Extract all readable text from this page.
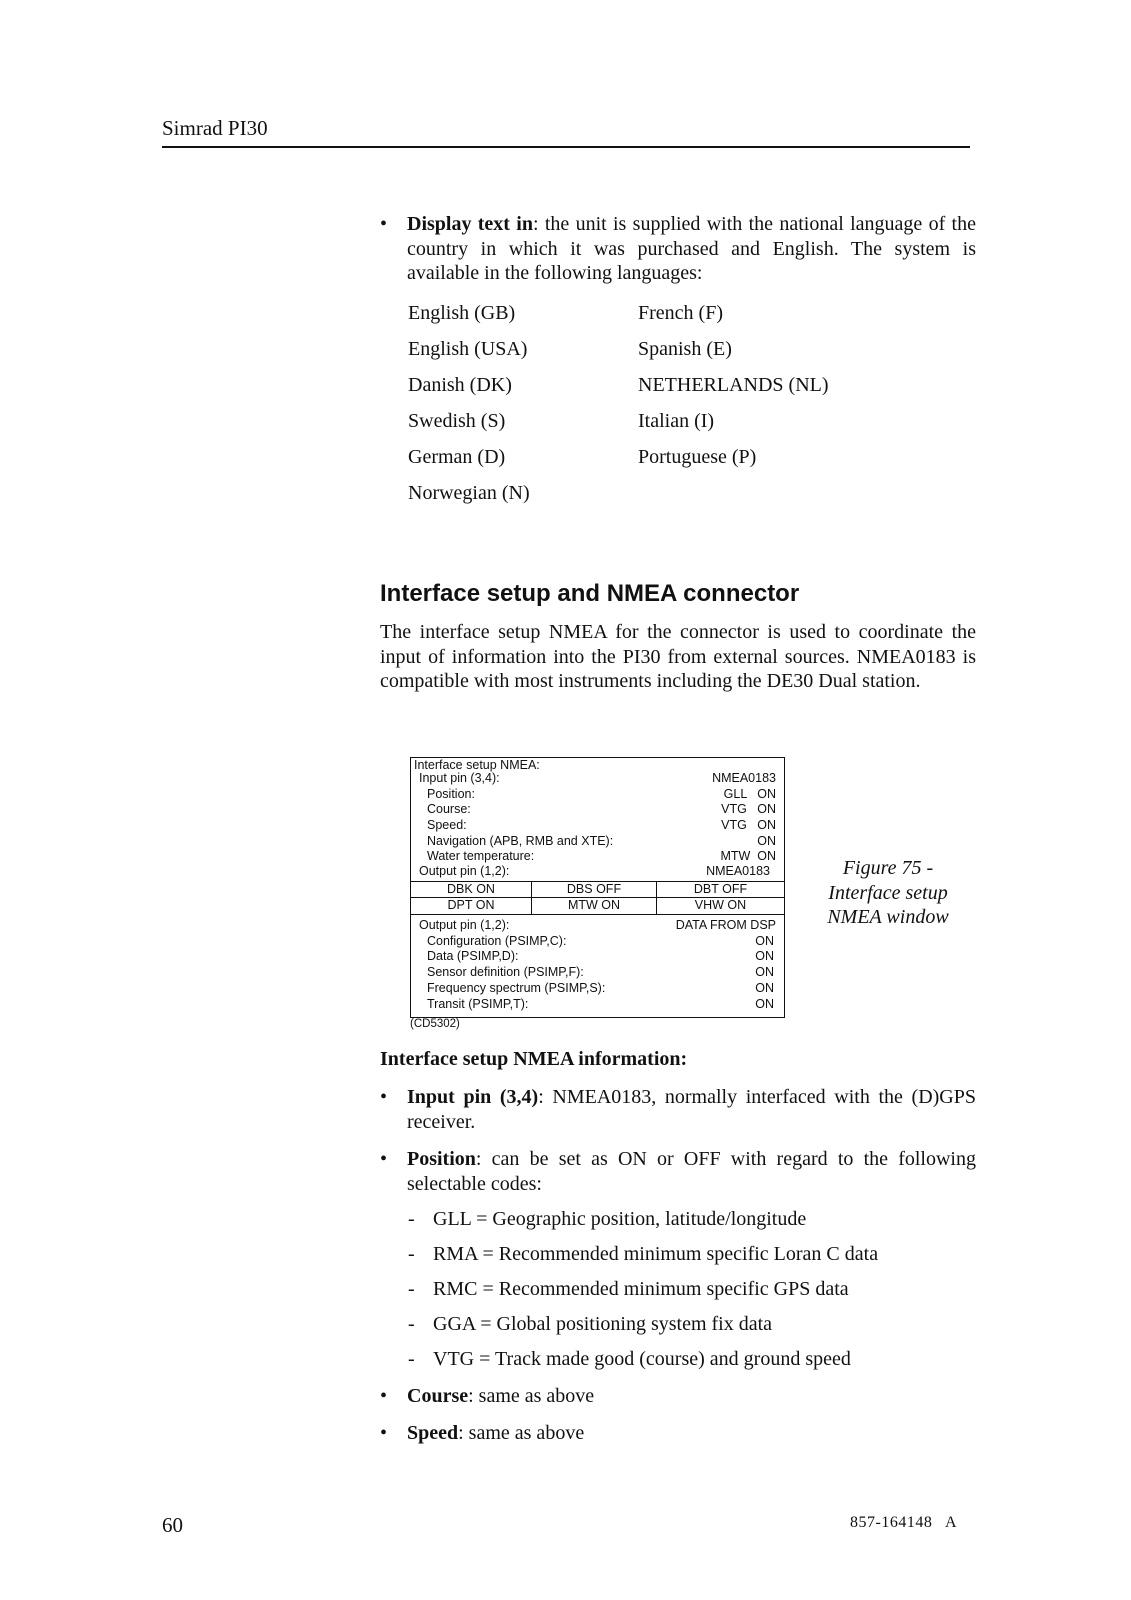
Simrad PI30

• Display text in: the unit is supplied with the national language of the country in which it was purchased and English. The system is available in the following languages:

English (GB)	French (F)
English (USA)	Spanish (E)
Danish (DK)	NETHERLANDS (NL)
Swedish (S)	Italian (I)
German (D)	Portuguese (P)
Norwegian (N)
Interface setup and NMEA connector

The interface setup NMEA for the connector is used to coordinate the input of information into the PI30 from external sources. NMEA0183 is compatible with most instruments including the DE30 Dual station.

Interface setup NMEA:
Input pin (3,4):	NMEA0183
Position:	GLL   ON
Course:	VTG   ON
Speed:	VTG   ON
Navigation (APB, RMB and XTE):	ON
Water temperature:	MTW  ON
Output pin (1,2):	NMEA0183
DBK ON	DBS OFF	DBT OFF
DPT ON	MTW ON	VHW ON
Output pin (1,2):	DATA FROM DSP
Configuration (PSIMP,C):	ON
Data (PSIMP,D):	ON
Sensor definition (PSIMP,F):	ON
Frequency spectrum (PSIMP,S):	ON
Transit (PSIMP,T):	ON
(CD5302)
Figure 75 -
Interface setup
NMEA window
Interface setup NMEA information:

• Input pin (3,4): NMEA0183, normally interfaced with the (D)GPS receiver.

• Position: can be set as ON or OFF with regard to the following selectable codes:

- GLL = Geographic position, latitude/longitude
- RMA = Recommended minimum specific Loran C data
- RMC = Recommended minimum specific GPS data
- GGA = Global positioning system fix data
- VTG = Track made good (course) and ground speed

• Course: same as above

• Speed: same as above

60	857-164148   A
